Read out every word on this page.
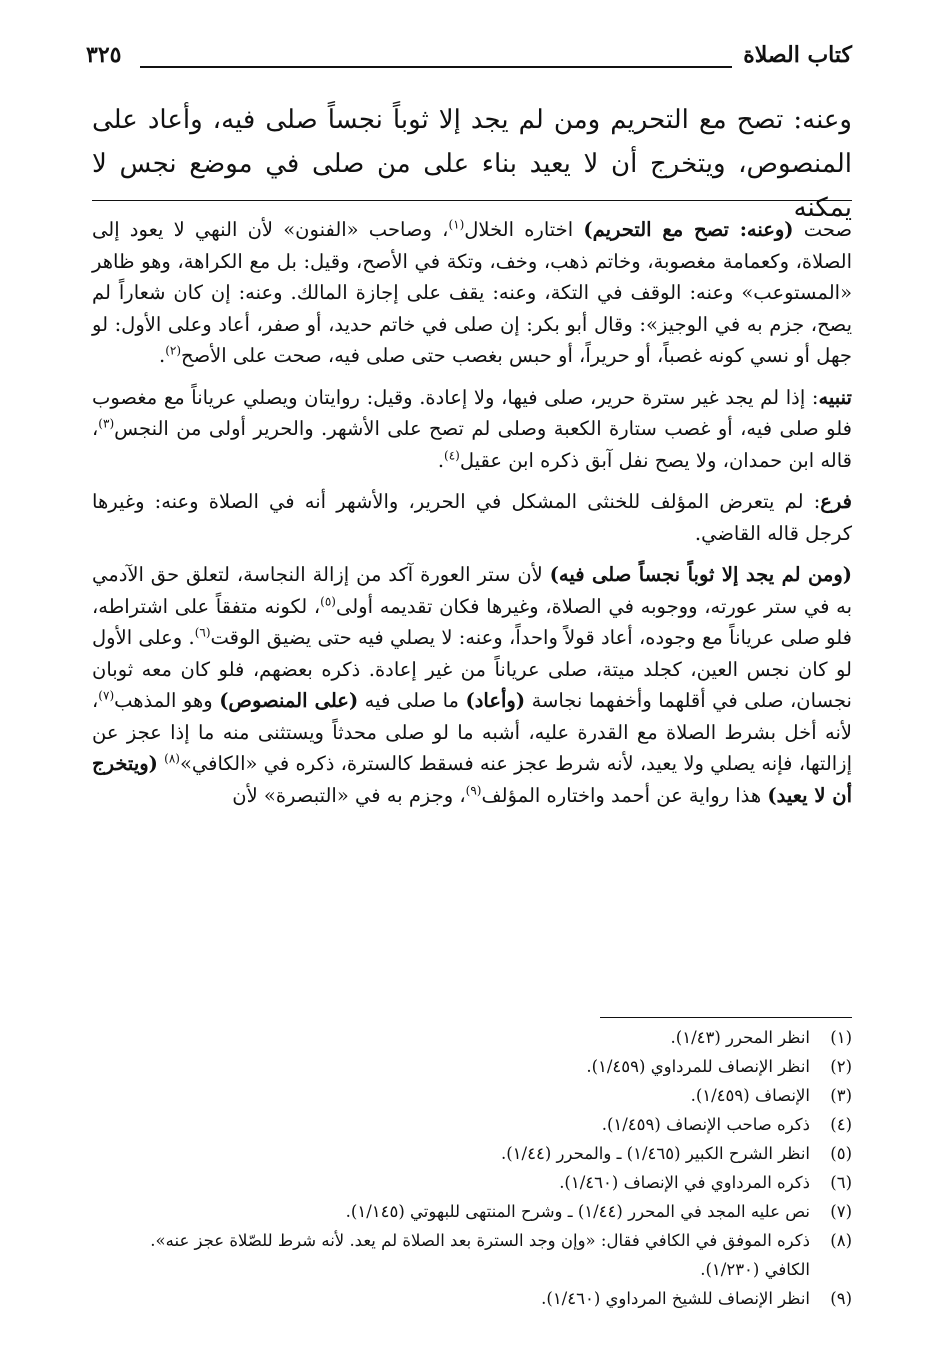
كتاب الصلاة
٣٢٥

وعنه: تصح مع التحريم ومن لم يجد إلا ثوباً نجساً صلى فيه، وأعاد على المنصوص، ويتخرج أن لا يعيد بناء على من صلى في موضع نجس لا يمكنه

صحت (وعنه: تصح مع التحريم) اختاره الخلال$^{(١)}$، وصاحب «الفنون» لأن النهي لا يعود إلى الصلاة، وكعمامة مغصوبة، وخاتم ذهب، وخف، وتكة في الأصح، وقيل: بل مع الكراهة، وهو ظاهر «المستوعب» وعنه: الوقف في التكة، وعنه: يقف على إجازة المالك. وعنه: إن كان شعاراً لم يصح، جزم به في الوجيز»: وقال أبو بكر: إن صلى في خاتم حديد، أو صفر، أعاد وعلى الأول: لو جهل أو نسي كونه غصباً، أو حريراً، أو حبس بغصب حتى صلى فيه، صحت على الأصح$^{(٢)}$.

تنبيه: إذا لم يجد غير سترة حرير، صلى فيها، ولا إعادة. وقيل: روايتان ويصلي عرياناً مع مغصوب فلو صلى فيه، أو غصب ستارة الكعبة وصلى لم تصح على الأشهر. والحرير أولى من النجس$^{(٣)}$، قاله ابن حمدان، ولا يصح نفل آبق ذكره ابن عقيل$^{(٤)}$.

فرع: لم يتعرض المؤلف للخنثى المشكل في الحرير، والأشهر أنه في الصلاة وعنه: وغيرها كرجل قاله القاضي.

(ومن لم يجد إلا ثوباً نجساً صلى فيه) لأن ستر العورة آكد من إزالة النجاسة، لتعلق حق الآدمي به في ستر عورته، ووجوبه في الصلاة، وغيرها فكان تقديمه أولى$^{(٥)}$، لكونه متفقاً على اشتراطه، فلو صلى عرياناً مع وجوده، أعاد قولاً واحداً، وعنه: لا يصلي فيه حتى يضيق الوقت$^{(٦)}$. وعلى الأول لو كان نجس العين، كجلد ميتة، صلى عرياناً من غير إعادة. ذكره بعضهم، فلو كان معه ثوبان نجسان، صلى في أقلهما وأخفهما نجاسة (وأعاد) ما صلى فيه (على المنصوص) وهو المذهب$^{(٧)}$، لأنه أخل بشرط الصلاة مع القدرة عليه، أشبه ما لو صلى محدثاً ويستثنى منه ما إذا عجز عن إزالتها، فإنه يصلي ولا يعيد، لأنه شرط عجز عنه فسقط كالسترة، ذكره في «الكافي»$^{(٨)}$ (ويتخرج أن لا يعيد) هذا رواية عن أحمد واختاره المؤلف$^{(٩)}$، وجزم به في «التبصرة» لأن

(١)
انظر المحرر (١/٤٣).
(٢)
انظر الإنصاف للمرداوي (١/٤٥٩).
(٣)
الإنصاف (١/٤٥٩).
(٤)
ذكره صاحب الإنصاف (١/٤٥٩).
(٥)
انظر الشرح الكبير (١/٤٦٥) ـ والمحرر (١/٤٤).
(٦)
ذكره المرداوي في الإنصاف (١/٤٦٠).
(٧)
نص عليه المجد في المحرر (١/٤٤) ـ وشرح المنتهى للبهوتي (١/١٤٥).
(٨)
ذكره الموفق في الكافي فقال: «وإن وجد السترة بعد الصلاة لم يعد. لأنه شرط للصّلاة عجز عنه».
الكافي (١/٢٣٠).
(٩)
انظر الإنصاف للشيخ المرداوي (١/٤٦٠).
